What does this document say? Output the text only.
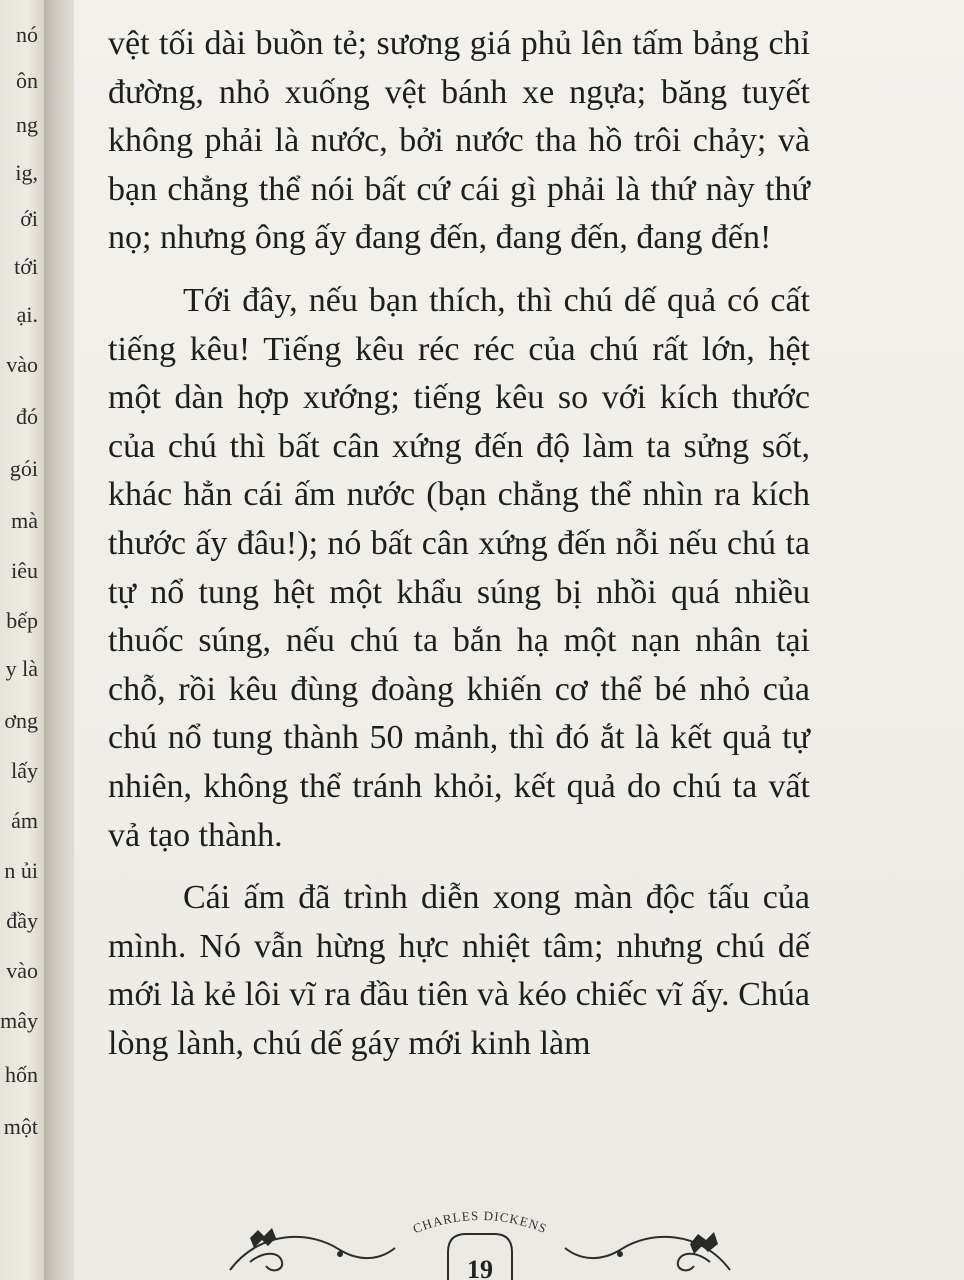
nó
ôn
ng
ig,
ới
tới
ại.
vào
đó
gói
mà
iêu
bếp
y là
ơng
lấy
ám
n ủi
đầy
vào
mây
hốn
một

vệt tối dài buồn tẻ; sương giá phủ lên tấm bảng chỉ đường, nhỏ xuống vệt bánh xe ngựa; băng tuyết không phải là nước, bởi nước tha hồ trôi chảy; và bạn chẳng thể nói bất cứ cái gì phải là thứ này thứ nọ; nhưng ông ấy đang đến, đang đến, đang đến!

Tới đây, nếu bạn thích, thì chú dế quả có cất tiếng kêu! Tiếng kêu réc réc của chú rất lớn, hệt một dàn hợp xướng; tiếng kêu so với kích thước của chú thì bất cân xứng đến độ làm ta sửng sốt, khác hẳn cái ấm nước (bạn chẳng thể nhìn ra kích thước ấy đâu!); nó bất cân xứng đến nỗi nếu chú ta tự nổ tung hệt một khẩu súng bị nhồi quá nhiều thuốc súng, nếu chú ta bắn hạ một nạn nhân tại chỗ, rồi kêu đùng đoàng khiến cơ thể bé nhỏ của chú nổ tung thành 50 mảnh, thì đó ắt là kết quả tự nhiên, không thể tránh khỏi, kết quả do chú ta vất vả tạo thành.

Cái ấm đã trình diễn xong màn độc tấu của mình. Nó vẫn hừng hực nhiệt tâm; nhưng chú dế mới là kẻ lôi vĩ ra đầu tiên và kéo chiếc vĩ ấy. Chúa lòng lành, chú dế gáy mới kinh làm

CHARLES DICKENS
19
